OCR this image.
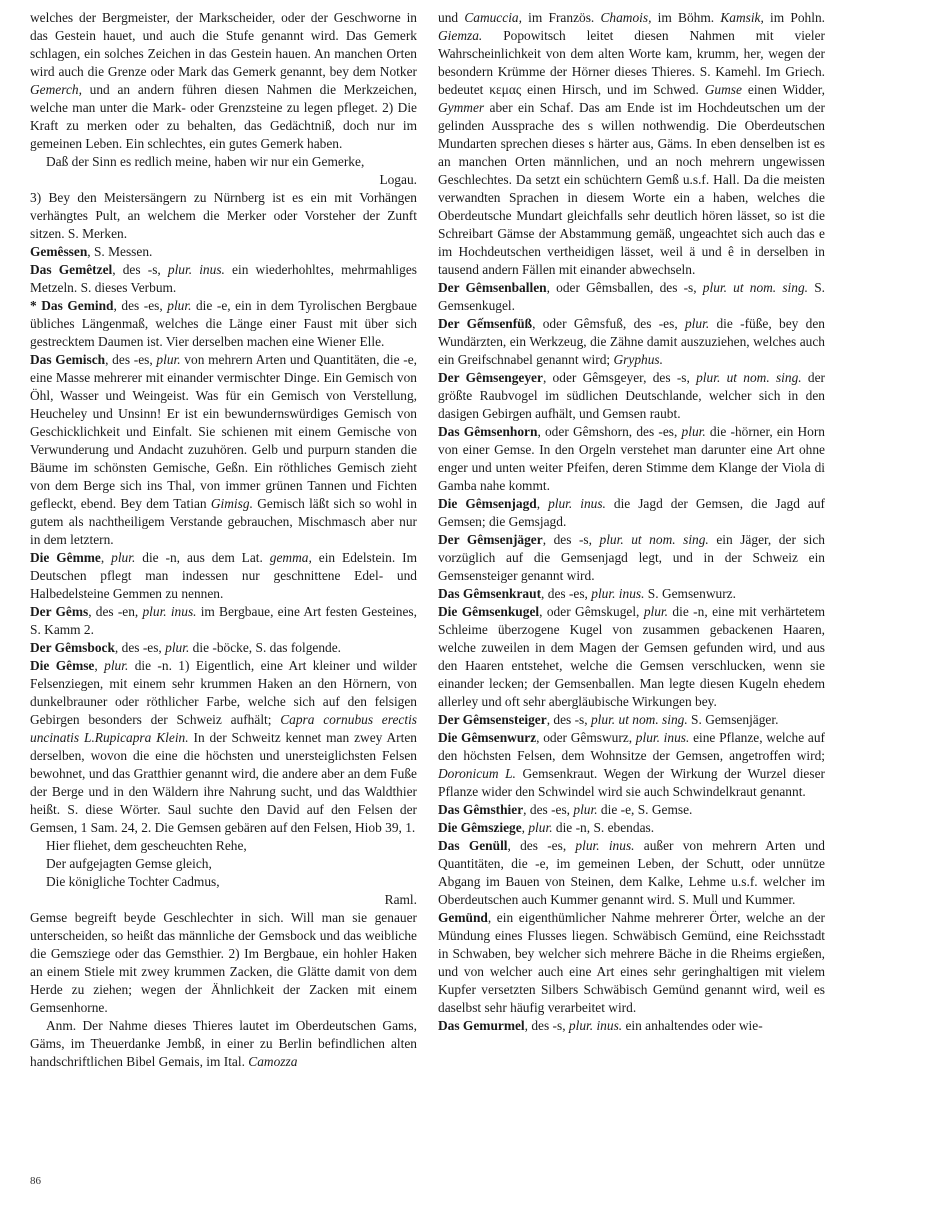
welches der Bergmeister, der Markscheider, oder der Geschworne in das Gestein hauet, und auch die Stufe genannt wird. Das Gemerk schlagen, ein solches Zeichen in das Gestein hauen. An manchen Orten wird auch die Grenze oder Mark das Gemerk genannt, bey dem Notker Gemerch, und an andern führen diesen Nahmen die Merkzeichen, welche man unter die Mark- oder Grenzsteine zu legen pfleget. 2) Die Kraft zu merken oder zu behalten, das Gedächtniß, doch nur im gemeinen Leben. Ein schlechtes, ein gutes Gemerk haben.

Daß der Sinn es redlich meine, haben wir nur ein Gemerke,

Logau.

3) Bey den Meistersängern zu Nürnberg ist es ein mit Vorhängen verhängtes Pult, an welchem die Merker oder Vorsteher der Zunft sitzen. S. Merken.

Gemêssen, S. Messen.

Das Gemêtzel, des -s, plur. inus. ein wiederhohltes, mehrmahliges Metzeln. S. dieses Verbum.

* Das Gemind, des -es, plur. die -e, ein in dem Tyrolischen Bergbaue übliches Längenmaß, welches die Länge einer Faust mit über sich gestrecktem Daumen ist. Vier derselben machen eine Wiener Elle.

Das Gemisch, des -es, plur. von mehrern Arten und Quantitäten, die -e, eine Masse mehrerer mit einander vermischter Dinge. Ein Gemisch von Öhl, Wasser und Weingeist. Was für ein Gemisch von Verstellung, Heucheley und Unsinn! Er ist ein bewundernswürdiges Gemisch von Geschicklichkeit und Einfalt. Sie schienen mit einem Gemische von Verwunderung und Andacht zuzuhören. Gelb und purpurn standen die Bäume im schönsten Gemische, Geßn. Ein röthliches Gemisch zieht von dem Berge sich ins Thal, von immer grünen Tannen und Fichten gefleckt, ebend. Bey dem Tatian Gimisg. Gemisch läßt sich so wohl in gutem als nachtheiligem Verstande gebrauchen, Mischmasch aber nur in dem letztern.

Die Gêmme, plur. die -n, aus dem Lat. gemma, ein Edelstein. Im Deutschen pflegt man indessen nur geschnittene Edel- und Halbedelsteine Gemmen zu nennen.

Der Gêms, des -en, plur. inus. im Bergbaue, eine Art festen Gesteines, S. Kamm 2.

Der Gêmsbock, des -es, plur. die -böcke, S. das folgende.

Die Gêmse, plur. die -n. 1) Eigentlich, eine Art kleiner und wilder Felsenziegen, mit einem sehr krummen Haken an den Hörnern, von dunkelbrauner oder röthlicher Farbe, welche sich auf den felsigen Gebirgen besonders der Schweiz aufhält; Capra cornubus erectis uncinatis L.Rupicapra Klein. In der Schweitz kennet man zwey Arten derselben, wovon die eine die höchsten und unersteiglichsten Felsen bewohnet, und das Gratthier genannt wird, die andere aber an dem Fuße der Berge und in den Wäldern ihre Nahrung sucht, und das Waldthier heißt. S. diese Wörter. Saul suchte den David auf den Felsen der Gemsen, 1 Sam. 24, 2. Die Gemsen gebären auf den Felsen, Hiob 39, 1.

Hier fliehet, dem gescheuchten Rehe,

Der aufgejagten Gemse gleich,

Die königliche Tochter Cadmus,

Raml.

Gemse begreift beyde Geschlechter in sich. Will man sie genauer unterscheiden, so heißt das männliche der Gemsbock und das weibliche die Gemsziege oder das Gemsthier. 2) Im Bergbaue, ein hohler Haken an einem Stiele mit zwey krummen Zacken, die Glätte damit von dem Herde zu ziehen; wegen der Ähnlichkeit der Zacken mit einem Gemsenhorne.

Anm. Der Nahme dieses Thieres lautet im Oberdeutschen Gams, Gäms, im Theuerdanke Jembß, in einer zu Berlin befindlichen alten handschriftlichen Bibel Gemais, im Ital. Camozza

und Camuccia, im Französ. Chamois, im Böhm. Kamsik, im Pohln. Giemza. Popowitsch leitet diesen Nahmen mit vieler Wahrscheinlichkeit von dem alten Worte kam, krumm, her, wegen der besondern Krümme der Hörner dieses Thieres. S. Kamehl. Im Griech. bedeutet κεμας einen Hirsch, und im Schwed. Gumse einen Widder, Gymmer aber ein Schaf. Das am Ende ist im Hochdeutschen um der gelinden Aussprache des s willen nothwendig. Die Oberdeutschen Mundarten sprechen dieses s härter aus, Gäms. In eben denselben ist es an manchen Orten männlichen, und an noch mehrern ungewissen Geschlechtes. Da setzt ein schüchtern Gemß u.s.f. Hall. Da die meisten verwandten Sprachen in diesem Worte ein a haben, welches die Oberdeutsche Mundart gleichfalls sehr deutlich hören lässet, so ist die Schreibart Gämse der Abstammung gemäß, ungeachtet sich auch das e im Hochdeutschen vertheidigen lässet, weil ä und ê in derselben in tausend andern Fällen mit einander abwechseln.

Der Gêmsenballen, oder Gêmsballen, des -s, plur. ut nom. sing. S. Gemsenkugel.

Der Gếmsenfüß, oder Gêmsfuß, des -es, plur. die -füße, bey den Wundärzten, ein Werkzeug, die Zähne damit auszuziehen, welches auch ein Greifschnabel genannt wird; Gryphus.

Der Gêmsengeyer, oder Gêmsgeyer, des -s, plur. ut nom. sing. der größte Raubvogel im südlichen Deutschlande, welcher sich in den dasigen Gebirgen aufhält, und Gemsen raubt.

Das Gêmsenhorn, oder Gêmshorn, des -es, plur. die -hörner, ein Horn von einer Gemse. In den Orgeln verstehet man darunter eine Art ohne enger und unten weiter Pfeifen, deren Stimme dem Klange der Viola di Gamba nahe kommt.

Die Gêmsenjagd, plur. inus. die Jagd der Gemsen, die Jagd auf Gemsen; die Gemsjagd.

Der Gêmsenjäger, des -s, plur. ut nom. sing. ein Jäger, der sich vorzüglich auf die Gemsenjagd legt, und in der Schweiz ein Gemsensteiger genannt wird.

Das Gêmsenkraut, des -es, plur. inus. S. Gemsenwurz.

Die Gêmsenkugel, oder Gêmskugel, plur. die -n, eine mit verhärtetem Schleime überzogene Kugel von zusammen gebackenen Haaren, welche zuweilen in dem Magen der Gemsen gefunden wird, und aus den Haaren entstehet, welche die Gemsen verschlucken, wenn sie einander lecken; der Gemsenballen. Man legte diesen Kugeln ehedem allerley und oft sehr abergläubische Wirkungen bey.

Der Gêmsensteiger, des -s, plur. ut nom. sing. S. Gemsenjäger.

Die Gêmsenwurz, oder Gêmswurz, plur. inus. eine Pflanze, welche auf den höchsten Felsen, dem Wohnsitze der Gemsen, angetroffen wird; Doronicum L. Gemsenkraut. Wegen der Wirkung der Wurzel dieser Pflanze wider den Schwindel wird sie auch Schwindelkraut genannt.

Das Gêmsthier, des -es, plur. die -e, S. Gemse.

Die Gêmsziege, plur. die -n, S. ebendas.

Das Genüll, des -es, plur. inus. außer von mehrern Arten und Quantitäten, die -e, im gemeinen Leben, der Schutt, oder unnütze Abgang im Bauen von Steinen, dem Kalke, Lehme u.s.f. welcher im Oberdeutschen auch Kummer genannt wird. S. Mull und Kummer.

Gemünd, ein eigenthümlicher Nahme mehrerer Örter, welche an der Mündung eines Flusses liegen. Schwäbisch Gemünd, eine Reichsstadt in Schwaben, bey welcher sich mehrere Bäche in die Rheims ergießen, und von welcher auch eine Art eines sehr geringhaltigen mit vielem Kupfer versetzten Silbers Schwäbisch Gemünd genannt wird, weil es daselbst sehr häufig verarbeitet wird.

Das Gemurmel, des -s, plur. inus. ein anhaltendes oder wie-

86
